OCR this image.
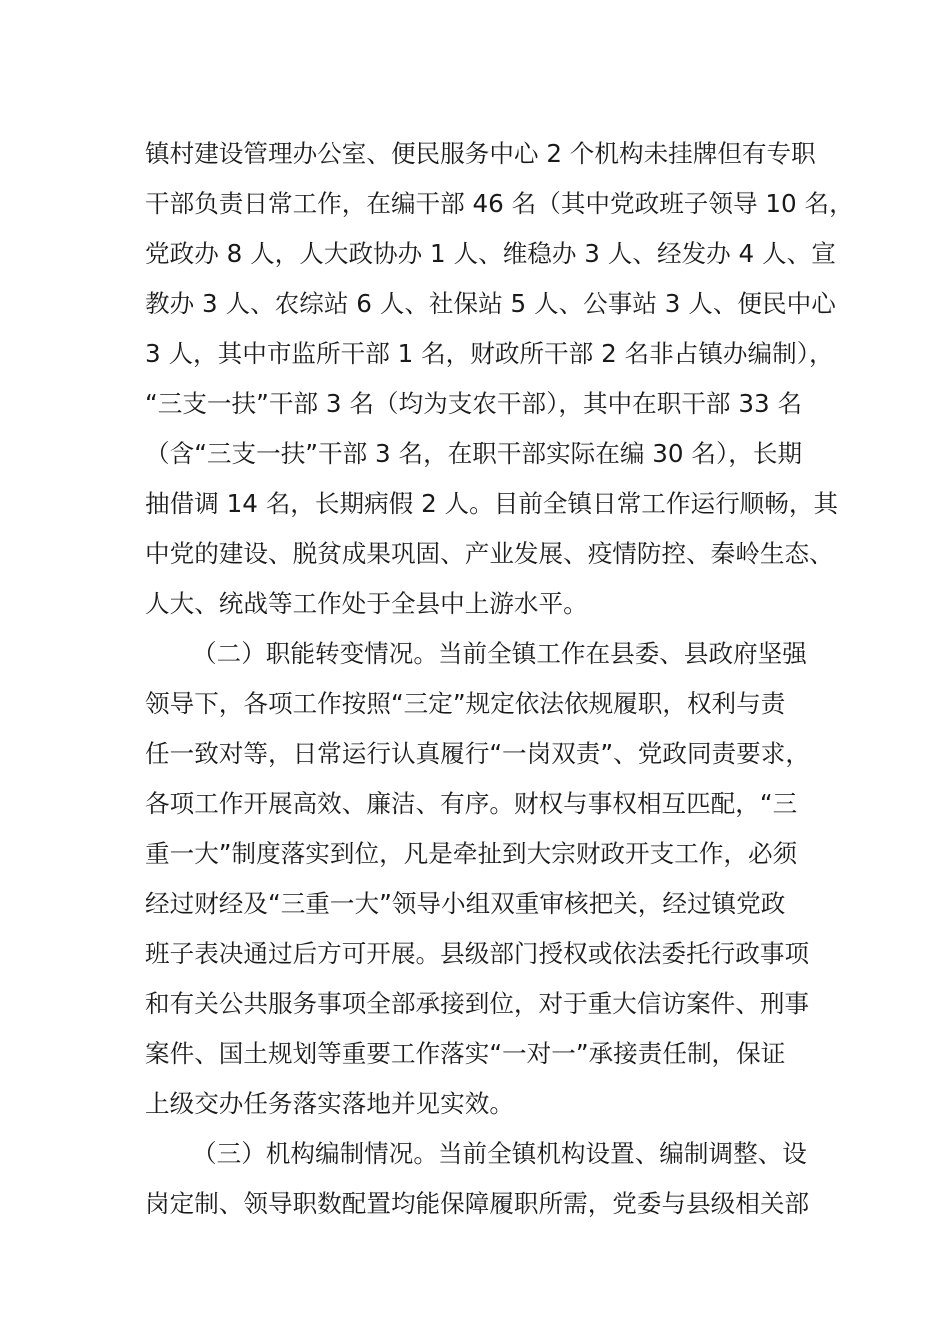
镇村建设管理办公室、便民服务中心 2 个机构未挂牌但有专职
干部负责日常工作，在编干部 46 名（其中党政班子领导 10 名，
党政办 8 人，人大政协办 1 人、维稳办 3 人、经发办 4 人、宣
教办 3 人、农综站 6 人、社保站 5 人、公事站 3 人、便民中心
3 人，其中市监所干部 1 名，财政所干部 2 名非占镇办编制），
“三支一扶”干部 3 名（均为支农干部），其中在职干部 33 名
（含“三支一扶”干部 3 名，在职干部实际在编 30 名），长期
抽借调 14 名，长期病假 2 人。目前全镇日常工作运行顺畅，其
中党的建设、脱贫成果巩固、产业发展、疫情防控、秦岭生态、
人大、统战等工作处于全县中上游水平。
（二）职能转变情况。当前全镇工作在县委、县政府坚强
领导下，各项工作按照“三定”规定依法依规履职，权利与责
任一致对等，日常运行认真履行“一岗双责”、党政同责要求，
各项工作开展高效、廉洁、有序。财权与事权相互匹配，“三
重一大”制度落实到位，凡是牵扯到大宗财政开支工作，必须
经过财经及“三重一大”领导小组双重审核把关，经过镇党政
班子表决通过后方可开展。县级部门授权或依法委托行政事项
和有关公共服务事项全部承接到位，对于重大信访案件、刑事
案件、国土规划等重要工作落实“一对一”承接责任制，保证
上级交办任务落实落地并见实效。
（三）机构编制情况。当前全镇机构设置、编制调整、设
岗定制、领导职数配置均能保障履职所需，党委与县级相关部
